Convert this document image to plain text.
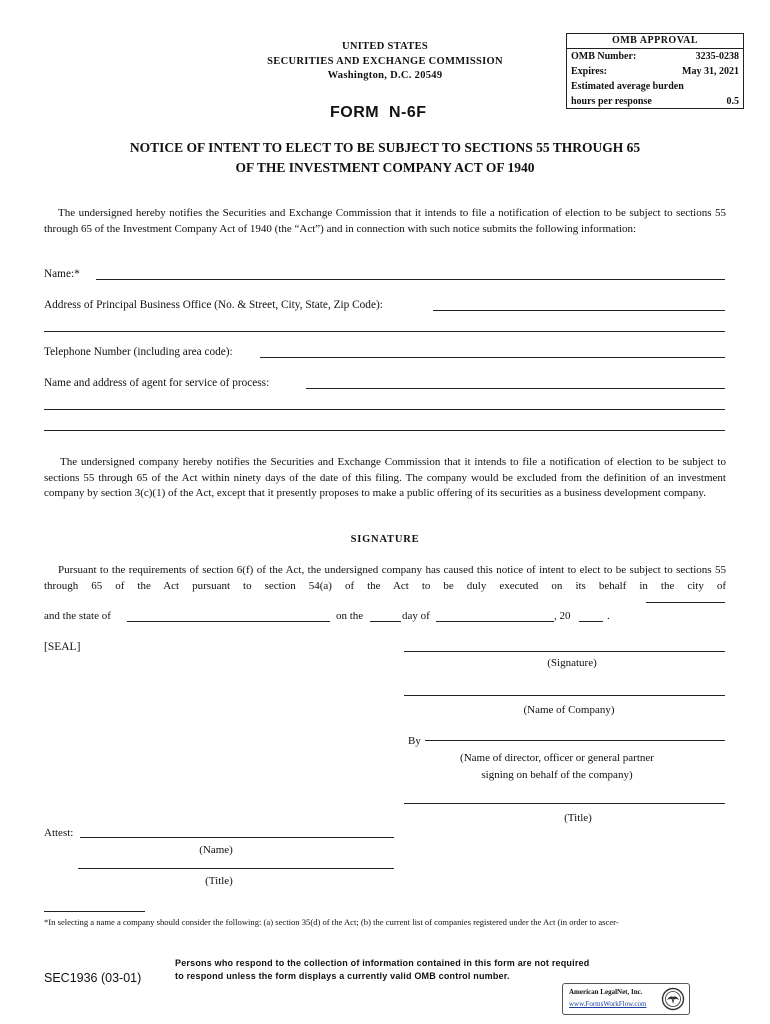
UNITED STATES
SECURITIES AND EXCHANGE COMMISSION
Washington, D.C. 20549
OMB APPROVAL
OMB Number:	3235-0238
Expires:	May 31, 2021
Estimated average burden
hours per response	0.5
FORM  N-6F
NOTICE OF INTENT TO ELECT TO BE SUBJECT TO SECTIONS 55 THROUGH 65
OF THE INVESTMENT COMPANY ACT OF 1940
The undersigned hereby notifies the Securities and Exchange Commission that it intends to file a notification of election to be subject to sections 55 through 65 of the Investment Company Act of 1940 (the “Act”) and in connection with such notice submits the following information:
Name:*
Address of Principal Business Office (No. & Street, City, State, Zip Code):
Telephone Number (including area code):
Name and address of agent for service of process:
The undersigned company hereby notifies the Securities and Exchange Commission that it intends to file a notification of election to be subject to sections 55 through 65 of the Act within ninety days of the date of this filing. The company would be excluded from the definition of an investment company by section 3(c)(1) of the Act, except that it presently proposes to make a public offering of its securities as a business development company.
SIGNATURE
Pursuant to the requirements of section 6(f) of the Act, the undersigned company has caused this notice of intent to elect to be subject to sections 55 through 65 of the Act pursuant to section 54(a) of the Act to be duly executed on its behalf in the city of
and the state of	on the	day of	, 20	.
[SEAL]
(Signature)
(Name of Company)
By
(Name of director, officer or general partner
signing on behalf of the company)
(Title)
Attest:
(Name)
(Title)
*In selecting a name a company should consider the following: (a) section 35(d) of the Act; (b) the current list of companies registered under the Act (in order to ascer-
Persons who respond to the collection of information contained in this form are not required
to respond unless the form displays a currently valid OMB control number.
SEC1936 (03-01)
American LegalNet, Inc.
www.FormsWorkFlow.com
